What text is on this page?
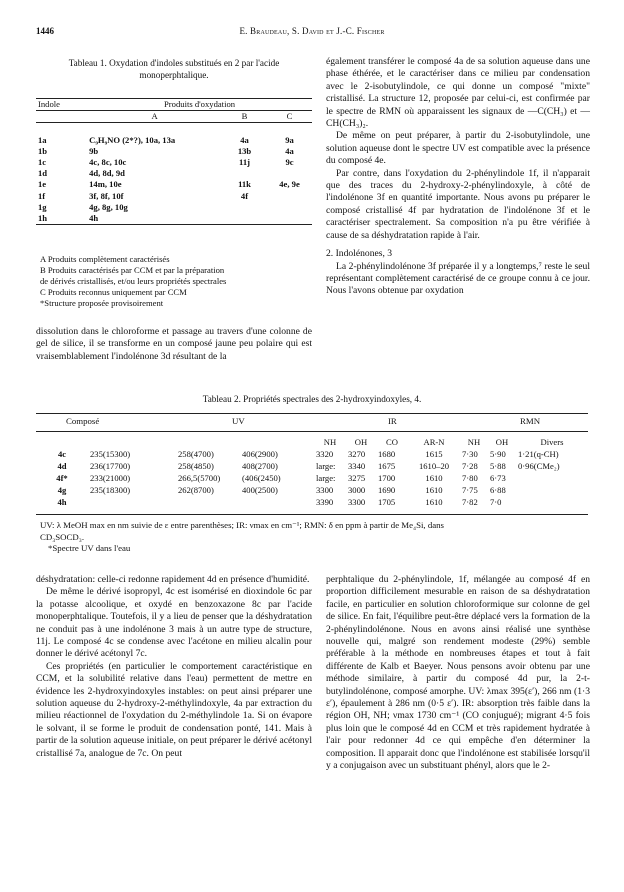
1446	E. Braudeau, S. David et J.-C. Fischer
Tableau 1. Oxydation d'indoles substitués en 2 par l'acide
monoperphtalique.
Indole	Produits d'oxydation		
	A	B	C

1a	C₉H₉NO (2*?), 10a, 13a	4a	9a
1b	9b	13b	4a
1c	4c, 8c, 10c	11j	9c
1d	4d, 8d, 9d		
1e	14m, 10e	11k	4e, 9e
1f	3f, 8f, 10f	4f	
1g	4g, 8g, 10g		
1h	4h		
A Produits complètement caractérisés
B Produits caractérisés par CCM et par la préparation
de dérivés cristallisés, et/ou leurs propriétés spectrales
C Produits reconnus uniquement par CCM
*Structure proposée provisoirement

dissolution dans le chloroforme et passage au travers d'une colonne de gel de silice, il se transforme en un composé jaune peu polaire qui est vraisemblablement l'indolénone 3d résultant de la

également transférer le composé 4a de sa solution aqueuse dans une phase éthérée, et le caractériser dans ce milieu par condensation avec le 2-isobutylindole, ce qui donne un composé "mixte" cristallisé. La structure 12, proposée par celui-ci, est confirmée par le spectre de RMN où apparaissent les signaux de —C(CH₃) et —CH(CH₃)₂.

De même on peut préparer, à partir du 2-isobutylindole, une solution aqueuse dont le spectre UV est compatible avec la présence du composé 4e.

Par contre, dans l'oxydation du 2-phénylindole 1f, il n'apparait que des traces du 2-hydroxy-2-phénylindoxyle, à côté de l'indolénone 3f en quantité importante. Nous avons pu préparer le composé cristallisé 4f par hydratation de l'indolénone 3f et le caractériser spectralement. Sa composition n'a pu être vérifiée à cause de sa déshydratation rapide à l'air.

2. Indolénones, 3

La 2-phénylindolénone 3f préparée il y a longtemps,⁷ reste le seul représentant complètement caractérisé de ce groupe connu à ce jour. Nous l'avons obtenue par oxydation

Tableau 2. Propriétés spectrales des 2-hydroxyindoxyles, 4.
Composé	UV	IR	RMN
				NH	OH	CO	AR-N	NH	OH	Divers
4c	235(15300)	258(4700)	406(2900)	3320	3270	1680	1615	7·30	5·90	1·21(q-CH)
4d	236(17700)	258(4850)	408(2700)	large:	3340	1675	1610–20	7·28	5·88	0·96(CMe₂)
4f*	233(21000)	266,5(5700)	(406(2450)	large:	3275	1700	1610	7·80	6·73	
4g	235(18300)	262(8700)	400(2500)	3300	3000	1690	1610	7·75	6·88	
4h				3390	3300	1705	1610	7·82	7·0	
UV: λ MeOH max en nm suivie de ε entre parenthèses; IR: νmax en cm⁻¹; RMN: δ en ppm à partir de Me₄Si, dans
CD₃SOCD₃.
*Spectre UV dans l'eau

déshydratation: celle-ci redonne rapidement 4d en présence d'humidité.

De même le dérivé isopropyl, 4c est isomérisé en dioxindole 6c par la potasse alcoolique, et oxydé en benzoxazone 8c par l'acide monoperphtalique. Toutefois, il y a lieu de penser que la déshydratation ne conduit pas à une indolénone 3 mais à un autre type de structure, 11j. Le composé 4c se condense avec l'acétone en milieu alcalin pour donner le dérivé acétonyl 7c.

Ces propriétés (en particulier le comportement caractéristique en CCM, et la solubilité relative dans l'eau) permettent de mettre en évidence les 2-hydroxyindoxyles instables: on peut ainsi préparer une solution aqueuse du 2-hydroxy-2-méthylindoxyle, 4a par extraction du milieu réactionnel de l'oxydation du 2-méthylindole 1a. Si on évapore le solvant, il se forme le produit de condensation ponté, 141. Mais à partir de la solution aqueuse initiale, on peut préparer le dérivé acétonyl cristallisé 7a, analogue de 7c. On peut

perphtalique du 2-phénylindole, 1f, mélangée au composé 4f en proportion difficilement mesurable en raison de sa déshydratation facile, en particulier en solution chloroformique sur colonne de gel de silice. En fait, l'équilibre peut-être déplacé vers la formation de la 2-phénylindolénone. Nous en avons ainsi réalisé une synthèse nouvelle qui, malgré son rendement modeste (29%) semble préférable à la méthode en nombreuses étapes et tout à fait différente de Kalb et Baeyer. Nous pensons avoir obtenu par une méthode similaire, à partir du composé 4d pur, la 2-t-butylindolénone, composé amorphe. UV: λmax 395(ε′), 266 nm (1·3 ε′), épaulement à 286 nm (0·5 ε′). IR: absorption très faible dans la région OH, NH; νmax 1730 cm⁻¹ (CO conjugué); migrant 4·5 fois plus loin que le composé 4d en CCM et très rapidement hydratée à l'air pour redonner 4d ce qui empêche d'en déterminer la composition. Il apparait donc que l'indolénone est stabilisée lorsqu'il y a conjugaison avec un substituant phényl, alors que le 2-
